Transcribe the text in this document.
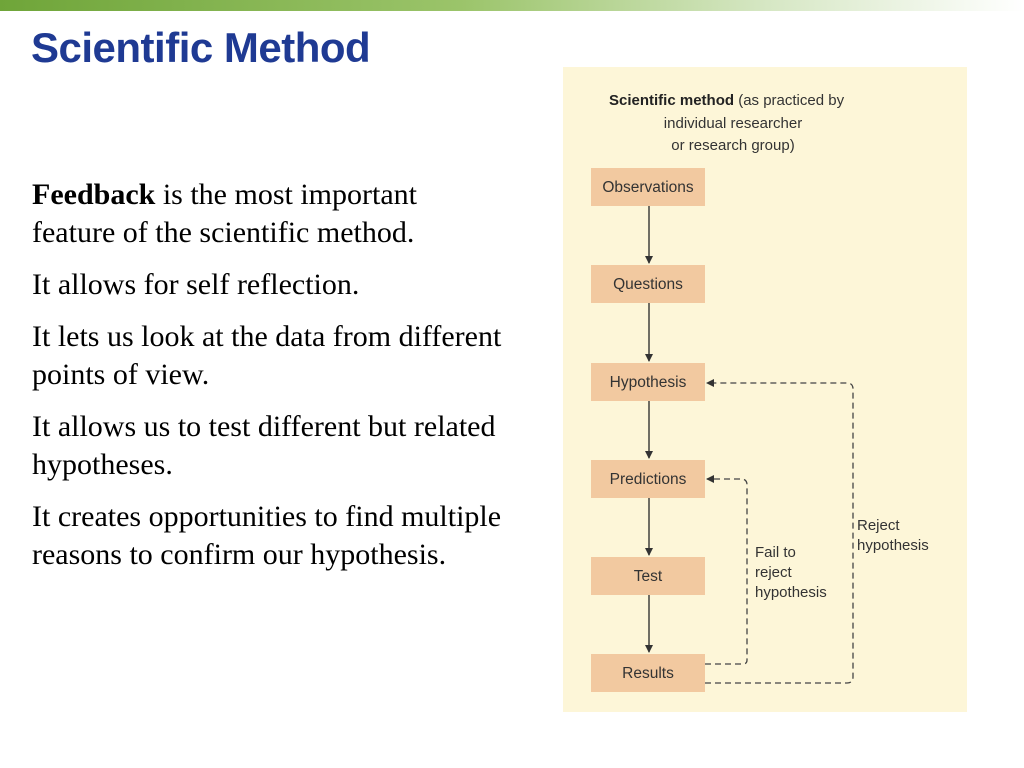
Scientific Method

Feedback is the most important feature of the scientific method.

It allows for self reflection.

It lets us look at the data from different points of view.

It allows us to test different but related hypotheses.

It creates opportunities to find multiple reasons to confirm our hypothesis.

Scientific method (as practiced by
individual researcher
or research group)
Observations
Questions
Hypothesis
Predictions
Test
Results
Fail to
reject
hypothesis
Reject
hypothesis
